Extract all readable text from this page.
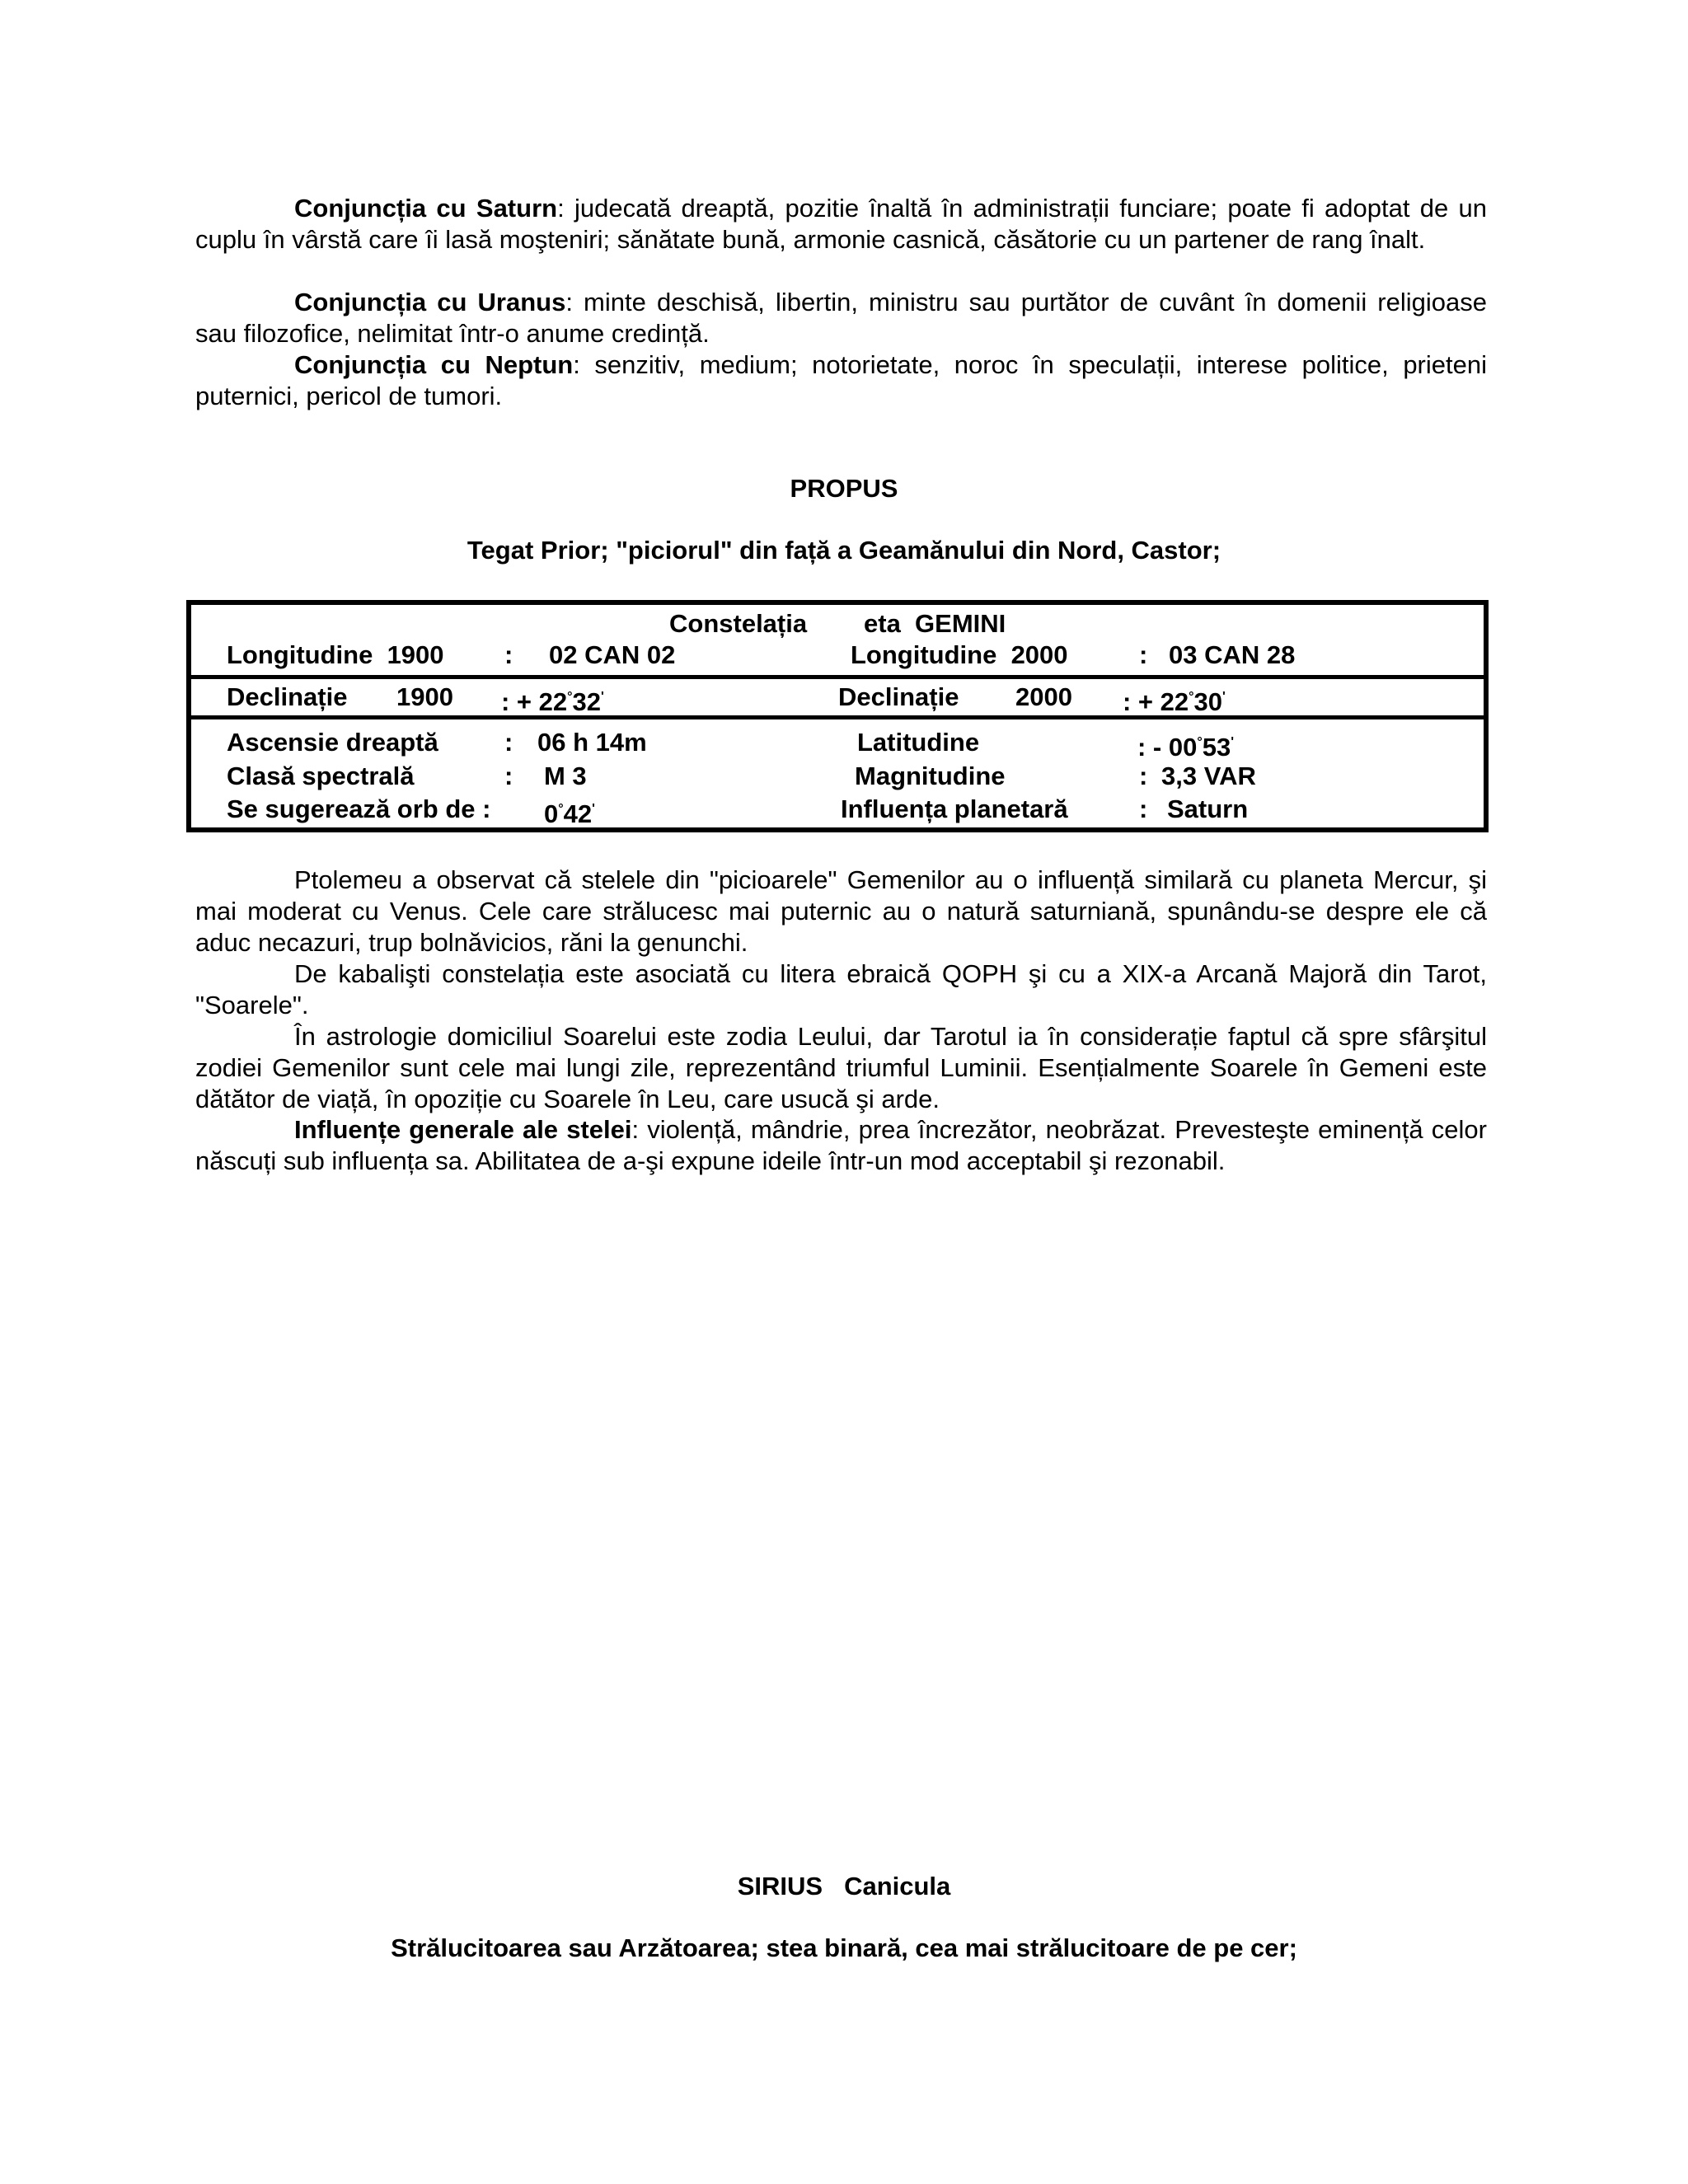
Conjuncția cu Saturn: judecată dreaptă, pozitie înaltă în administrații funciare; poate fi adoptat de un cuplu în vârstă care îi lasă moşteniri; sănătate bună, armonie casnică, căsătorie cu un partener de rang înalt.

Conjuncția cu Uranus: minte deschisă, libertin, ministru sau purtător de cuvânt în domenii religioase sau filozofice, nelimitat într-o anume credință.

Conjuncția cu Neptun: senzitiv, medium; notorietate, noroc în speculații, interese politice, prieteni puternici, pericol de tumori.

PROPUS

Tegat Prior; "piciorul" din față a Geamănului din Nord, Castor;

Constelația eta  GEMINI
Longitudine  1900 : 02 CAN 02	Longitudine  2000	: 03 CAN 28
Declinație 1900 : + 22°32'	Declinație 2000 : + 22°30'
Ascensie dreaptă	: 06 h 14m	Latitudine	: - 00°53'
Clasă spectrală	: M 3	Magnitudine	: 3,3 VAR
Se sugerează orb de : 0°42'	Influența planetară	: Saturn

Ptolemeu a observat că stelele din "picioarele" Gemenilor au o influență similară cu planeta Mercur, şi mai moderat cu Venus. Cele care strălucesc mai puternic au o natură saturniană, spunându-se despre ele că aduc necazuri, trup bolnăvicios, răni la genunchi.

De kabalişti constelația este asociată cu litera ebraică QOPH şi cu a XIX-a Arcană Majoră din Tarot, "Soarele".

În astrologie domiciliul Soarelui este zodia Leului, dar Tarotul ia în considerație faptul că spre sfârşitul zodiei Gemenilor sunt cele mai lungi zile, reprezentând triumful Luminii. Esențialmente Soarele în Gemeni este dătător de viață, în opoziție cu Soarele în Leu, care usucă şi arde.

Influențe generale ale stelei: violență, mândrie, prea încrezător, neobrăzat. Prevesteşte eminență celor născuți sub influența sa. Abilitatea de a-şi expune ideile într-un mod acceptabil şi rezonabil.

SIRIUS Canicula

Strălucitoarea sau Arzătoarea; stea binară, cea mai strălucitoare de pe cer;
